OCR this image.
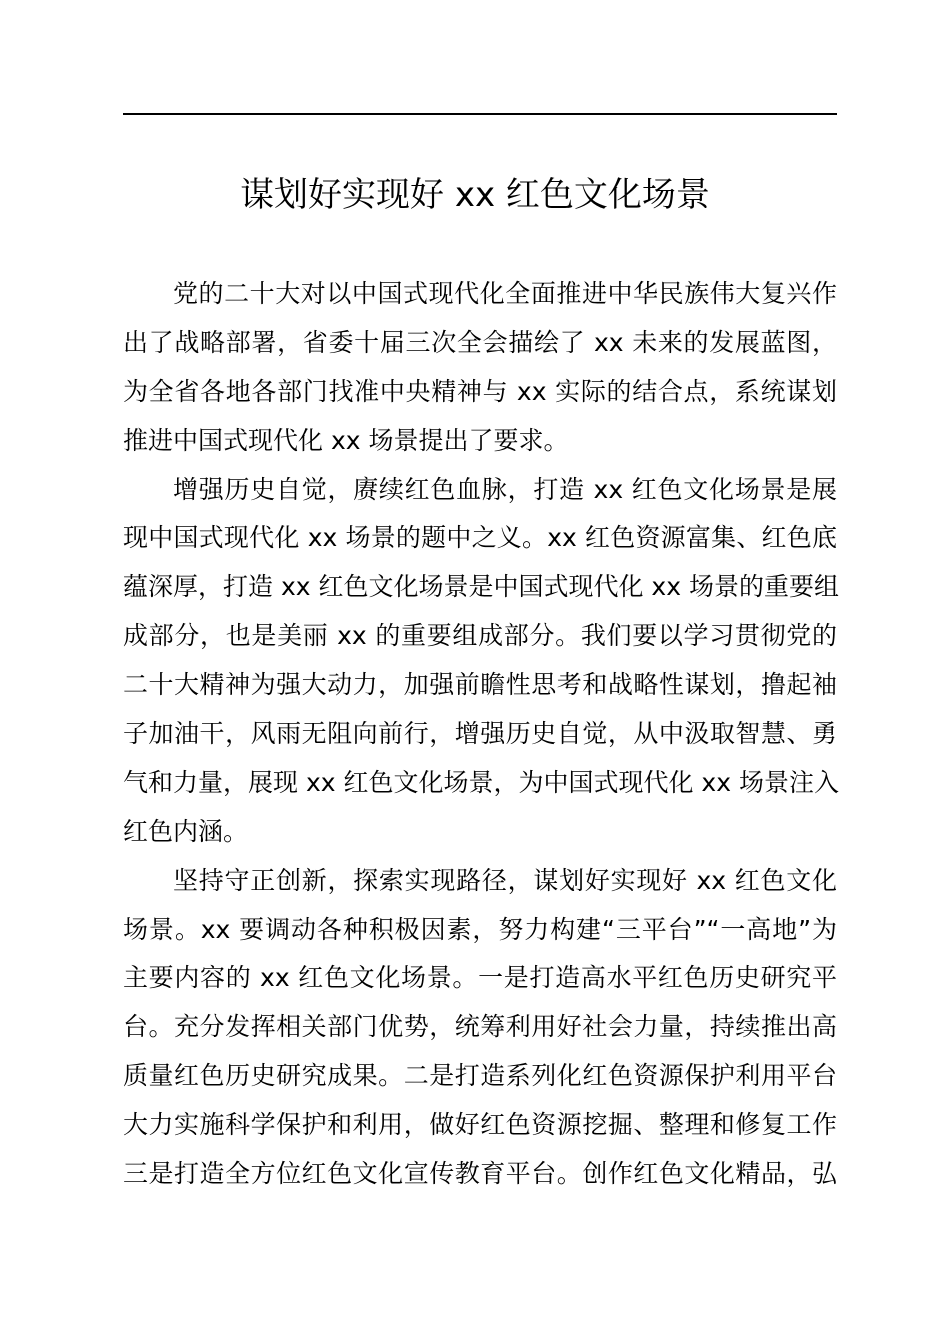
谋划好实现好 xx 红色文化场景
党的二十大对以中国式现代化全面推进中华民族伟大复兴作
出了战略部署，省委十届三次全会描绘了 xx 未来的发展蓝图，
为全省各地各部门找准中央精神与 xx 实际的结合点，系统谋划
推进中国式现代化 xx 场景提出了要求。
增强历史自觉，赓续红色血脉，打造 xx 红色文化场景是展
现中国式现代化 xx 场景的题中之义。xx 红色资源富集、红色底
蕴深厚，打造 xx 红色文化场景是中国式现代化 xx 场景的重要组
成部分，也是美丽 xx 的重要组成部分。我们要以学习贯彻党的
二十大精神为强大动力，加强前瞻性思考和战略性谋划，撸起袖
子加油干，风雨无阻向前行，增强历史自觉，从中汲取智慧、勇
气和力量，展现 xx 红色文化场景，为中国式现代化 xx 场景注入
红色内涵。
坚持守正创新，探索实现路径，谋划好实现好 xx 红色文化
场景。xx 要调动各种积极因素，努力构建“三平台”“一高地”为
主要内容的 xx 红色文化场景。一是打造高水平红色历史研究平
台。充分发挥相关部门优势，统筹利用好社会力量，持续推出高
质量红色历史研究成果。二是打造系列化红色资源保护利用平台
大力实施科学保护和利用，做好红色资源挖掘、整理和修复工作
三是打造全方位红色文化宣传教育平台。创作红色文化精品，弘
